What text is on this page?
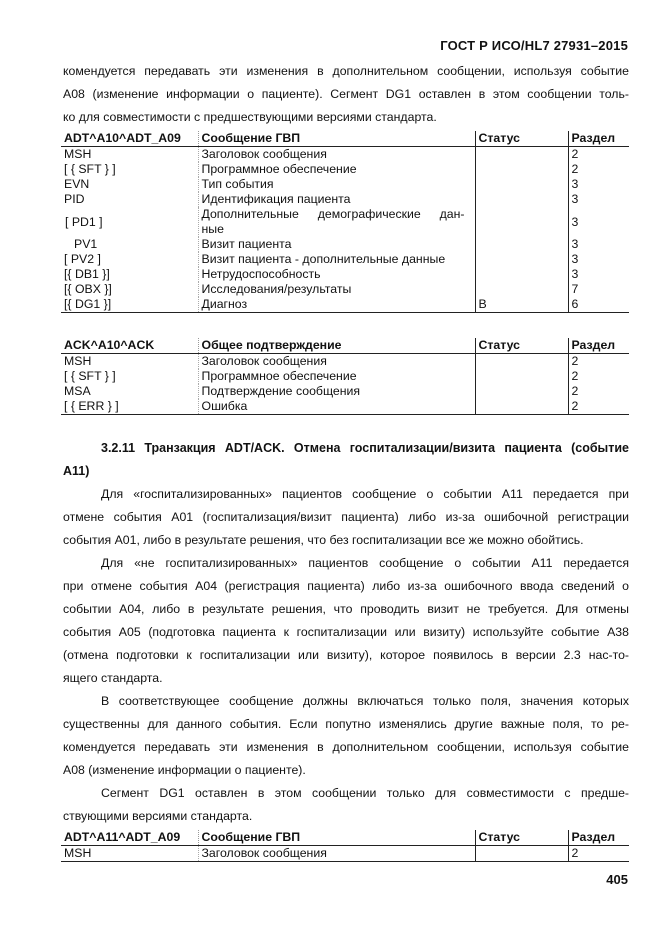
ГОСТ Р ИСО/HL7 27931–2015
комендуется передавать эти изменения в дополнительном сообщении, используя событие
А08 (изменение информации о пациенте). Сегмент DG1 оставлен в этом сообщении толь-
ко для совместимости с предшествующими версиями стандарта.
ADT^A10^ADT_A09	Сообщение ГВП	Статус	Раздел
MSH	Заголовок сообщения		2
[ { SFT } ]	Программное обеспечение		2
EVN	Тип события		3
PID	Идентификация пациента		3
[ PD1 ]	Дополнительные демографические дан-
ные		3
PV1	Визит пациента		3
[ PV2 ]	Визит пациента - дополнительные данные		3
[{ DB1 }]	Нетрудоспособность		3
[{ OBX }]	Исследования/результаты		7
[{ DG1 }]	Диагноз	B	6
ACK^A10^ACK	Общее подтверждение	Статус	Раздел
MSH	Заголовок сообщения		2
[ { SFT } ]	Программное обеспечение		2
MSA	Подтверждение сообщения		2
[ { ERR } ]	Ошибка		2
3.2.11 Транзакция ADT/ACK. Отмена госпитализации/визита пациента (событие
А11)
Для «госпитализированных» пациентов сообщение о событии А11 передается при
отмене события А01 (госпитализация/визит пациента) либо из-за ошибочной регистрации
события А01, либо в результате решения, что без госпитализации все же можно обойтись.
Для «не госпитализированных» пациентов сообщение о событии А11 передается
при отмене события А04 (регистрация пациента) либо из-за ошибочного ввода сведений о
событии А04, либо в результате решения, что проводить визит не требуется. Для отмены
события А05 (подготовка пациента к госпитализации или визиту) используйте событие А38
(отмена подготовки к госпитализации или визиту), которое появилось в версии 2.3 нас-то-
ящего стандарта.
В соответствующее сообщение должны включаться только поля, значения которых
существенны для данного события. Если попутно изменялись другие важные поля, то ре-
комендуется передавать эти изменения в дополнительном сообщении, используя событие
А08 (изменение информации о пациенте).
Сегмент DG1 оставлен в этом сообщении только для совместимости с предше-
ствующими версиями стандарта.
ADT^A11^ADT_A09	Сообщение ГВП	Статус	Раздел
MSH	Заголовок сообщения		2
405
